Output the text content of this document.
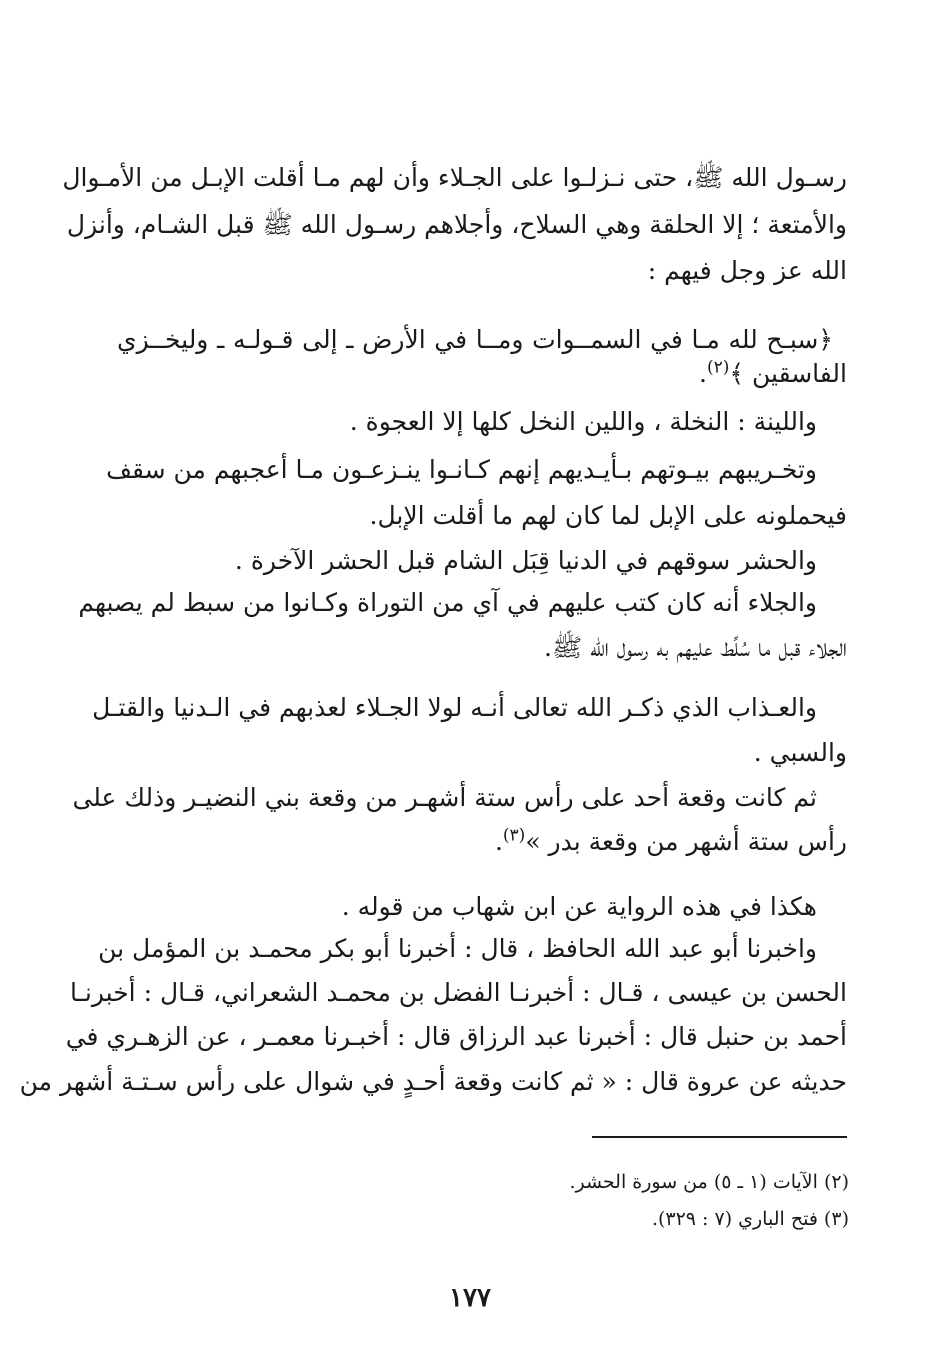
رسـول الله ﷺ، حتى نـزلـوا على الجـلاء وأن لهم مـا أقلت الإبـل من الأمـوال
والأمتعة ؛ إلا الحلقة وهي السلاح، وأجلاهم رسـول الله ﷺ قبل الشـام، وأنزل
الله عز وجل فيهم :
﴿سبـح لله مـا في السمــوات ومــا في الأرض ـ إلى قـولـه ـ وليخــزي
الفاسقين ﴾$^{(٢)}$.
واللينة : النخلة ، واللين النخل كلها إلا العجوة .
وتخـريبهم بيـوتهم بـأيـديهم إنهم كـانـوا ينـزعـون مـا أعجبهم من سقف
فيحملونه على الإبل لما كان لهم ما أقلت الإبل.
والحشر سوقهم في الدنيا قِبَل الشام قبل الحشر الآخرة .
والجلاء أنه كان كتب عليهم في آي من التوراة وكـانوا من سبط لم يصبهم
الجلاء قبل ما سُلِّط عليهم به رسول الله ﷺ.
والعـذاب الذي ذكـر الله تعالى أنـه لولا الجـلاء لعذبهم في الـدنيا والقتـل
والسبي .
ثم كانت وقعة أحد على رأس ستة أشهـر من وقعة بني النضيـر وذلك على
رأس ستة أشهر من وقعة بدر »$^{(٣)}$.
هكذا في هذه الرواية عن ابن شهاب من قوله .
واخبرنا أبو عبد الله الحافظ ، قال : أخبرنا أبو بكر محمـد بن المؤمل بن
الحسن بن عيسى ، قـال : أخبرنـا الفضل بن محمـد الشعراني، قـال : أخبرنـا
أحمد بن حنبل قال : أخبرنا عبد الرزاق قال : أخبـرنا معمـر ، عن الزهـري في
حديثه عن عروة قال : « ثم كانت وقعة أحـدٍ في شوال على رأس سـتـة أشهر من
(٢) الآيات (١ ـ ٥) من سورة الحشر.
(٣) فتح الباري (٧ : ٣٢٩).
١٧٧
